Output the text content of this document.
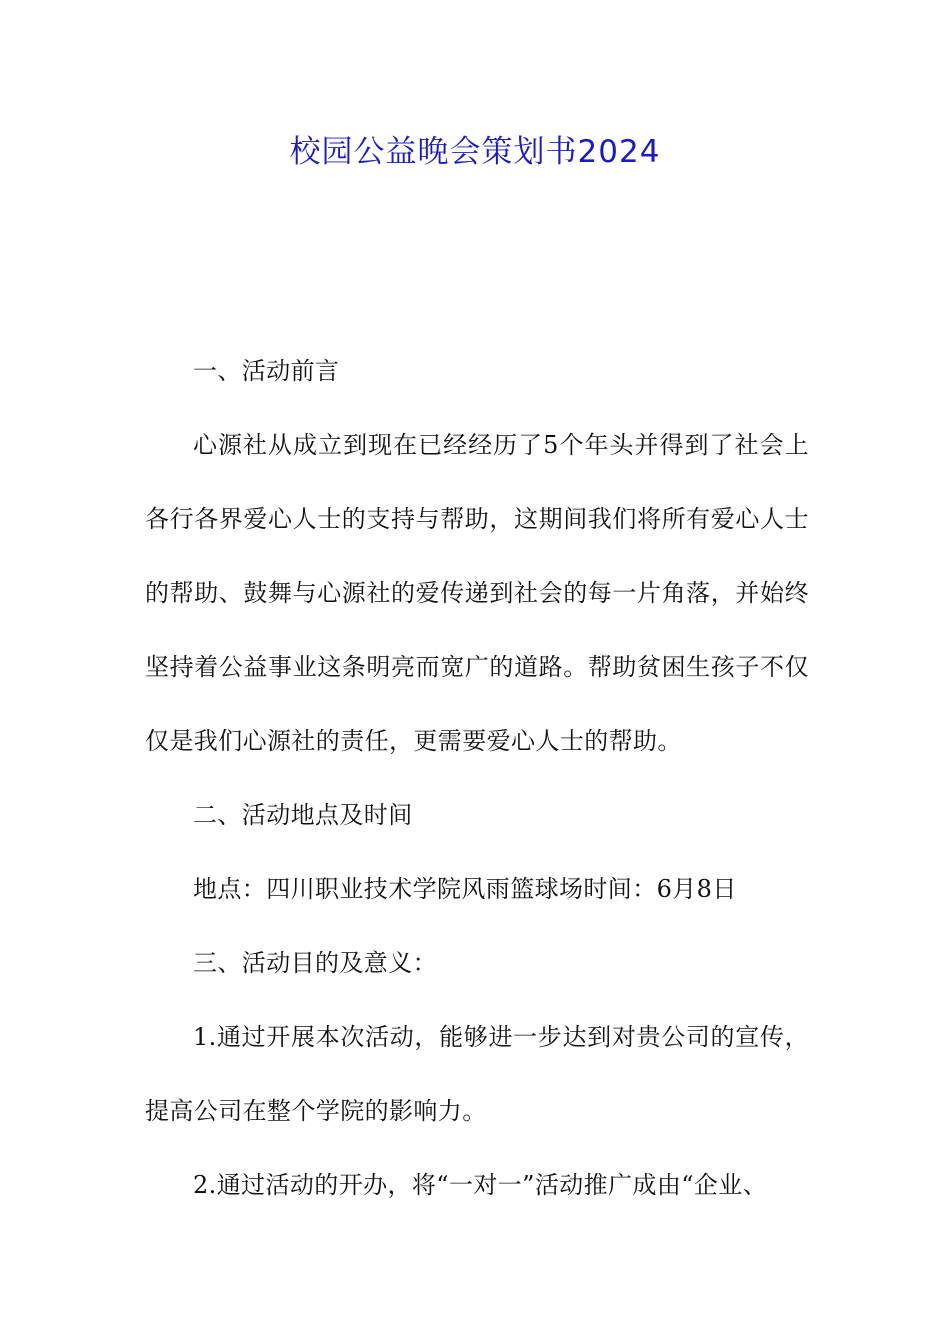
校园公益晚会策划书2024

一、活动前言

心源社从成立到现在已经经历了5个年头并得到了社会上各行各界爱心人士的支持与帮助，这期间我们将所有爱心人士的帮助、鼓舞与心源社的爱传递到社会的每一片角落，并始终坚持着公益事业这条明亮而宽广的道路。帮助贫困生孩子不仅仅是我们心源社的责任，更需要爱心人士的帮助。

二、活动地点及时间

地点：四川职业技术学院风雨篮球场时间：6月8日

三、活动目的及意义：

1.通过开展本次活动，能够进一步达到对贵公司的宣传，提高公司在整个学院的影响力。

2.通过活动的开办，将“一对一”活动推广成由“企业、
